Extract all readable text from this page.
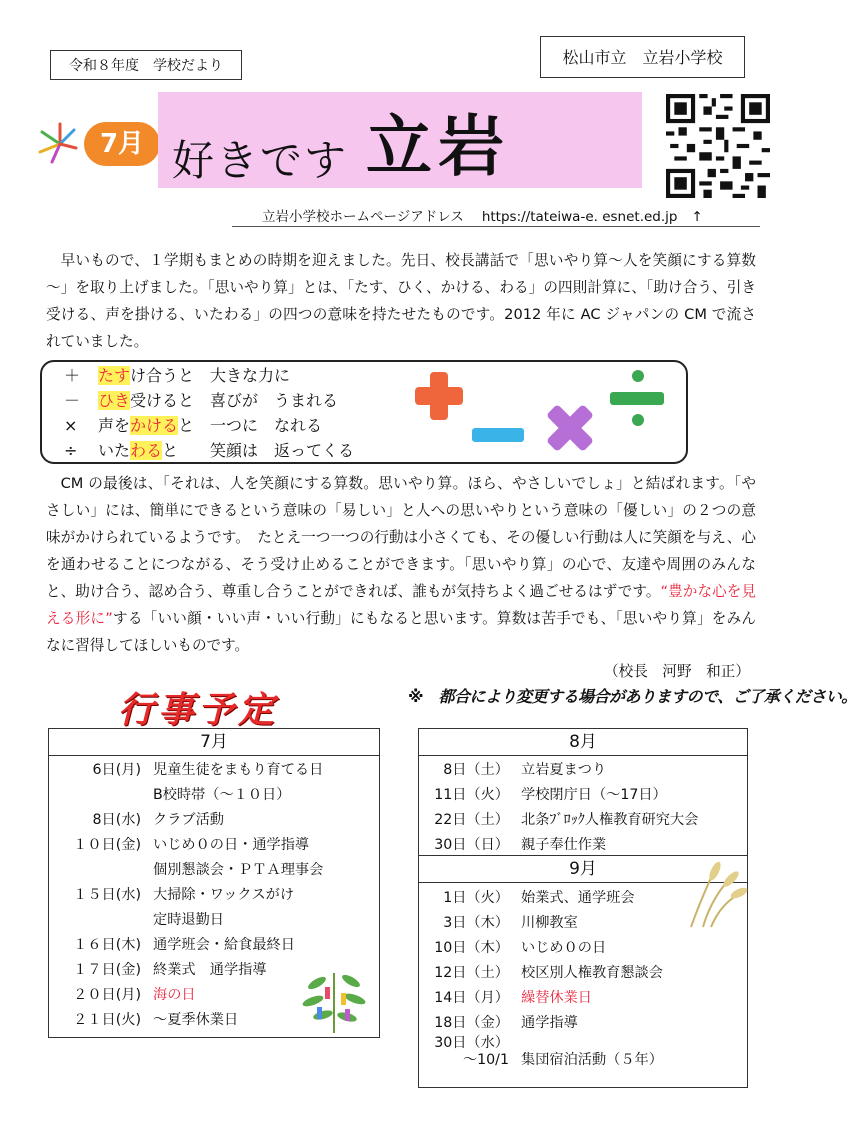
令和８年度　学校だより	松山市立　立岩小学校
7月 好きです 立岩
立岩小学校ホームページアドレス https://tateiwa-e. esnet.ed.jp ↑
早いもので、１学期もまとめの時期を迎えました。先日、校長講話で「思いやり算～人を笑顔にする算数～」を取り上げました。「思いやり算」とは、「たす、ひく、かける、わる」の四則計算に、「助け合う、引き受ける、声を掛ける、いたわる」の四つの意味を持たせたものです。2012 年に AC ジャパンの CM で流されていました。
＋ たすけ合うと　大きな力に
－ ひき受けると　喜びが　うまれる
× 声をかけると　一つに　なれる
÷ いたわると　　笑顔は　返ってくる
CM の最後は、「それは、人を笑顔にする算数。思いやり算。ほら、やさしいでしょ」と結ばれます。「やさしい」には、簡単にできるという意味の「易しい」と人への思いやりという意味の「優しい」の２つの意味がかけられているようです。　たとえ一つ一つの行動は小さくても、その優しい行動は人に笑顔を与え、心を通わせることにつながる、そう受け止めることができます。「思いやり算」の心で、友達や周囲のみんなと、助け合う、認め合う、尊重し合うことができれば、誰もが気持ちよく過ごせるはずです。“豊かな心を見える形に”する「いい顔・いい声・いい行動」にもなると思います。算数は苦手でも、「思いやり算」をみんなに習得してほしいものです。
（校長　河野　和正）
行事予定	※　都合により変更する場合がありますので、ご了承ください。
7月
6日(月) 児童生徒をまもり育てる日
B校時帯（～１０日）
8日(水) クラブ活動
１０日(金) いじめ０の日・通学指導
個別懇談会・ＰＴＡ理事会
１５日(水) 大掃除・ワックスがけ
定時退勤日
１６日(木) 通学班会・給食最終日
１７日(金) 終業式　通学指導
２０日(月) 海の日
２１日(火) ～夏季休業日
8月
8日（土） 立岩夏まつり
11日（火） 学校閉庁日（～17日）
22日（土） 北条ﾌﾞﾛｯｸ人権教育研究大会
30日（日） 親子奉仕作業
9月
1日（火） 始業式、通学班会
3日（木） 川柳教室
10日（木） いじめ０の日
12日（土） 校区別人権教育懇談会
14日（月） 繰替休業日
18日（金） 通学指導
30日（水）
～10/1 集団宿泊活動（５年）
